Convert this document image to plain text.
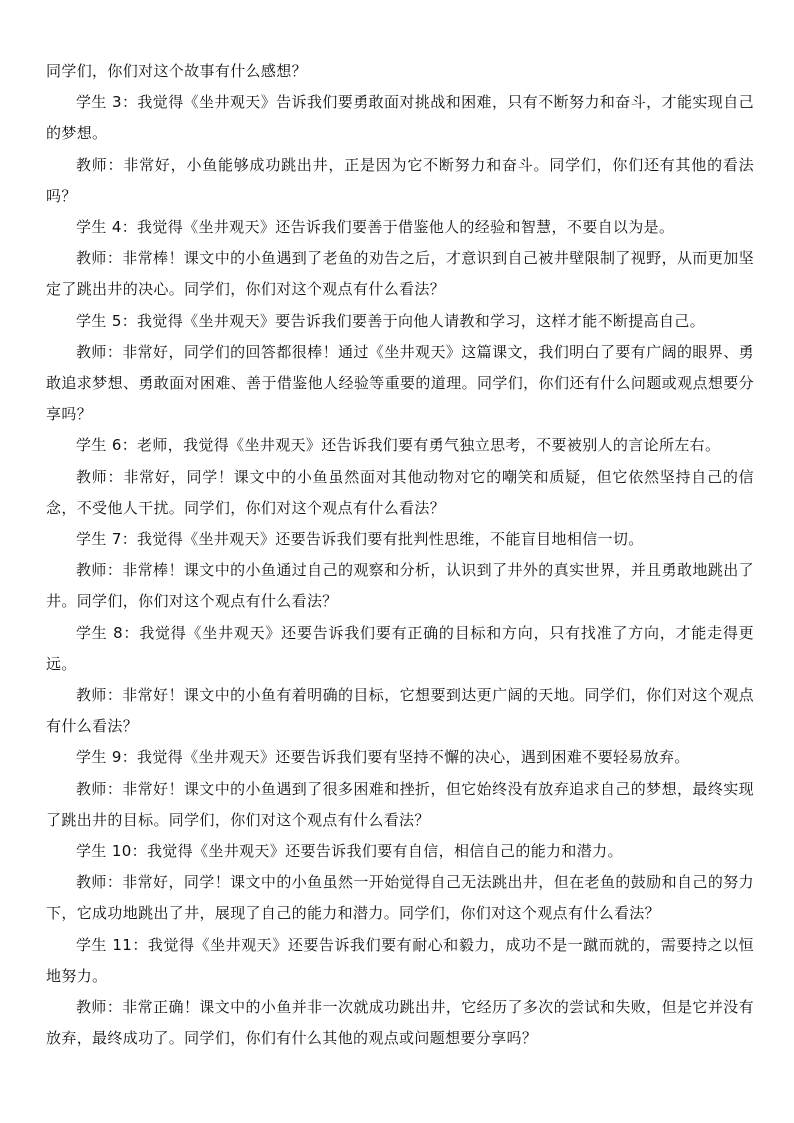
同学们，你们对这个故事有什么感想？

学生 3：我觉得《坐井观天》告诉我们要勇敢面对挑战和困难，只有不断努力和奋斗，才能实现自己的梦想。

教师：非常好，小鱼能够成功跳出井，正是因为它不断努力和奋斗。同学们，你们还有其他的看法吗？

学生 4：我觉得《坐井观天》还告诉我们要善于借鉴他人的经验和智慧，不要自以为是。

教师：非常棒！课文中的小鱼遇到了老鱼的劝告之后，才意识到自己被井壁限制了视野，从而更加坚定了跳出井的决心。同学们，你们对这个观点有什么看法？

学生 5：我觉得《坐井观天》要告诉我们要善于向他人请教和学习，这样才能不断提高自己。

教师：非常好，同学们的回答都很棒！通过《坐井观天》这篇课文，我们明白了要有广阔的眼界、勇敢追求梦想、勇敢面对困难、善于借鉴他人经验等重要的道理。同学们，你们还有什么问题或观点想要分享吗？

学生 6：老师，我觉得《坐井观天》还告诉我们要有勇气独立思考，不要被别人的言论所左右。

教师：非常好，同学！课文中的小鱼虽然面对其他动物对它的嘲笑和质疑，但它依然坚持自己的信念，不受他人干扰。同学们，你们对这个观点有什么看法？

学生 7：我觉得《坐井观天》还要告诉我们要有批判性思维，不能盲目地相信一切。

教师：非常棒！课文中的小鱼通过自己的观察和分析，认识到了井外的真实世界，并且勇敢地跳出了井。同学们，你们对这个观点有什么看法？

学生 8：我觉得《坐井观天》还要告诉我们要有正确的目标和方向，只有找准了方向，才能走得更远。

教师：非常好！课文中的小鱼有着明确的目标，它想要到达更广阔的天地。同学们，你们对这个观点有什么看法？

学生 9：我觉得《坐井观天》还要告诉我们要有坚持不懈的决心，遇到困难不要轻易放弃。

教师：非常好！课文中的小鱼遇到了很多困难和挫折，但它始终没有放弃追求自己的梦想，最终实现了跳出井的目标。同学们，你们对这个观点有什么看法？

学生 10：我觉得《坐井观天》还要告诉我们要有自信，相信自己的能力和潜力。

教师：非常好，同学！课文中的小鱼虽然一开始觉得自己无法跳出井，但在老鱼的鼓励和自己的努力下，它成功地跳出了井，展现了自己的能力和潜力。同学们，你们对这个观点有什么看法？

学生 11：我觉得《坐井观天》还要告诉我们要有耐心和毅力，成功不是一蹴而就的，需要持之以恒地努力。

教师：非常正确！课文中的小鱼并非一次就成功跳出井，它经历了多次的尝试和失败，但是它并没有放弃，最终成功了。同学们，你们有什么其他的观点或问题想要分享吗？
